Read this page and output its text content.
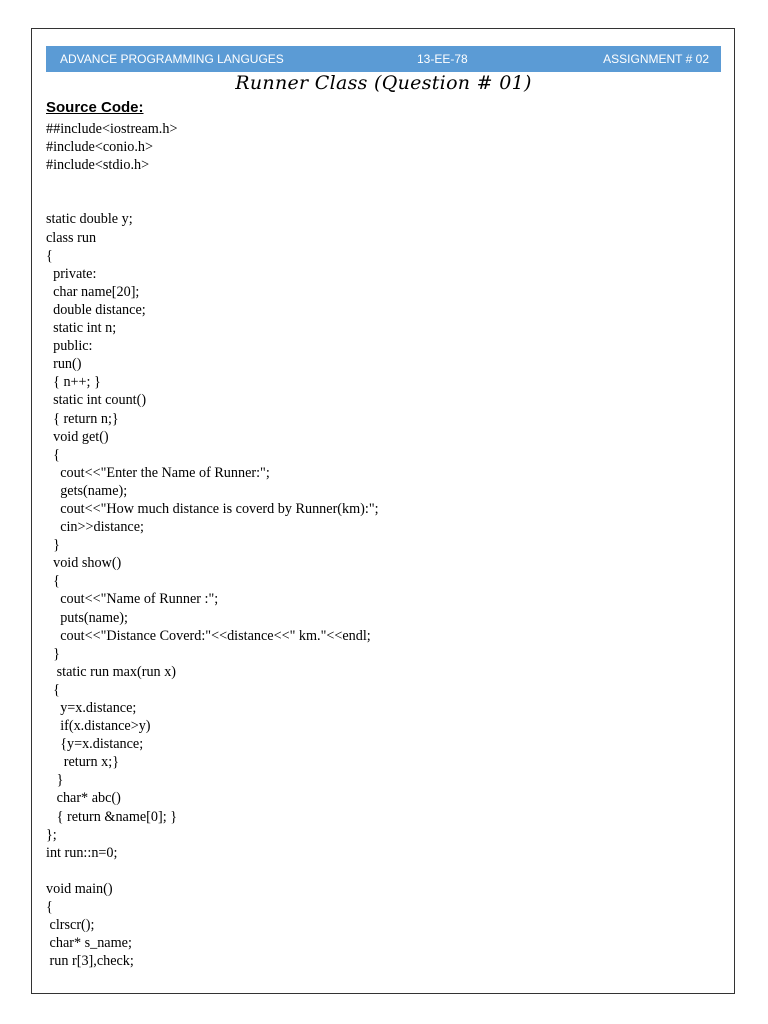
ADVANCE PROGRAMMING LANGUGES	13-EE-78	ASSIGNMENT # 02
Runner Class (Question # 01)
Source Code:
##include<iostream.h>
#include<conio.h>
#include<stdio.h>
static double y;
class run
{
private:
char name[20];
double distance;
static int n;
public:
run()
{ n++; }
static int count()
{ return n;}
void get()
{
cout<<"Enter the Name of Runner:";
gets(name);
cout<<"How much distance is coverd by Runner(km):";
cin>>distance;
}
void show()
{
cout<<"Name of Runner :";
puts(name);
cout<<"Distance Coverd:"<<distance<<" km."<<endl;
}
static run max(run x)
{
y=x.distance;
if(x.distance>y)
{y=x.distance;
return x;}
}
char* abc()
{ return &name[0]; }
};
int run::n=0;
void main()
{
clrscr();
char* s_name;
run r[3],check;
